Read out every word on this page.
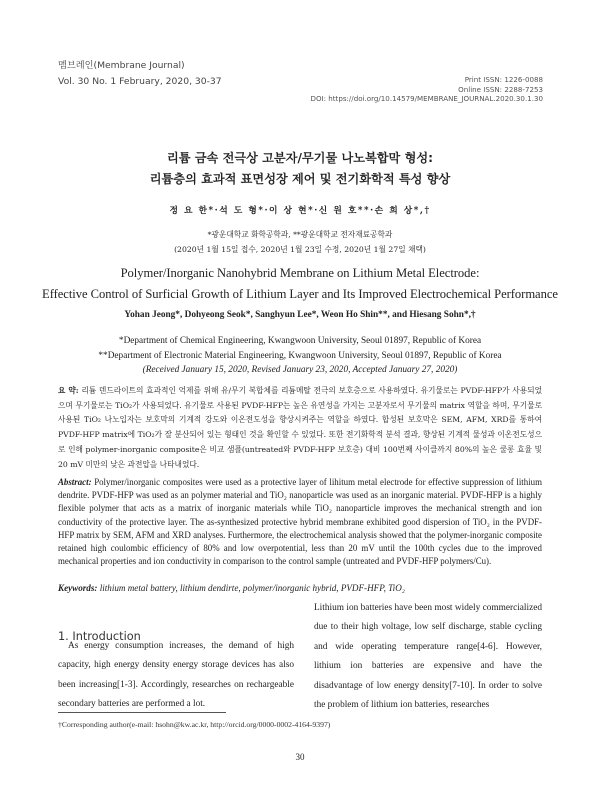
멤브레인(Membrane Journal)
Vol. 30 No. 1 February, 2020, 30-37	Print ISSN: 1226-0088
Online ISSN: 2288-7253
DOI: https://doi.org/10.14579/MEMBRANE_JOURNAL.2020.30.1.30
리튬 금속 전극상 고분자/무기물 나노복합막 형성:
리튬층의 효과적 표면성장 제어 및 전기화학적 특성 향상
정 요 한*·석 도 형*·이 상 현*·신 원 호**·손 희 상*,†
*광운대학교 화학공학과, **광운대학교 전자재료공학과
(2020년 1월 15일 접수, 2020년 1월 23일 수정, 2020년 1월 27일 채택)
Polymer/Inorganic Nanohybrid Membrane on Lithium Metal Electrode:
Effective Control of Surficial Growth of Lithium Layer and Its Improved Electrochemical Performance
Yohan Jeong*, Dohyeong Seok*, Sanghyun Lee*, Weon Ho Shin**, and Hiesang Sohn*,†
*Department of Chemical Engineering, Kwangwoon University, Seoul 01897, Republic of Korea
**Department of Electronic Material Engineering, Kwangwoon University, Seoul 01897, Republic of Korea
(Received January 15, 2020, Revised January 23, 2020, Accepted January 27, 2020)
요 약: 리튬 덴드라이트의 효과적인 억제를 위해 유/무기 복합체를 리튬메탈 전극의 보호층으로 사용하였다. 유기물로는 PVDF-HFP가 사용되었으며 무기물로는 TiO₂가 사용되었다. 유기물로 사용된 PVDF-HFP는 높은 유연성을 가지는 고분자로서 무기물의 matrix 역할을 하며, 무기물로 사용된 TiO₂ 나노입자는 보호막의 기계적 강도와 이온전도성을 향상시켜주는 역할을 하였다. 합성된 보호막은 SEM, AFM, XRD를 통하여 PVDF-HFP matrix에 TiO₂가 잘 분산되어 있는 형태인 것을 확인할 수 있었다. 또한 전기화학적 분석 결과, 향상된 기계적 물성과 이온전도성으로 인해 polymer-inorganic composite은 비교 샘플(untreated와 PVDF-HFP 보호층) 대비 100번째 사이클까지 80%의 높은 쿨롱 효율 및 20 mV 미만의 낮은 과전압을 나타내었다.
Abstract: Polymer/inorganic composites were used as a protective layer of lihitum metal electrode for effective suppression of lithium dendrite. PVDF-HFP was used as an polymer material and TiO₂ nanoparticle was used as an inorganic material. PVDF-HFP is a highly flexible polymer that acts as a matrix of inorganic materials while TiO₂ nanoparticle improves the mechanical strength and ion conductivity of the protective layer. The as-synthesized protective hybrid membrane exhibited good dispersion of TiO₂ in the PVDF-HFP matrix by SEM, AFM and XRD analyses. Furthermore, the electrochemical analysis showed that the polymer-inorganic composite retained high coulombic efficiency of 80% and low overpotential, less than 20 mV until the 100th cycles due to the improved mechanical properties and ion conductivity in comparison to the control sample (untreated and PVDF-HFP polymers/Cu).
Keywords: lithium metal battery, lithium dendirte, polymer/inorganic hybrid, PVDF-HFP, TiO₂
1. Introduction

As energy consumption increases, the demand of high capacity, high energy density energy storage devices has also been increasing[1-3]. Accordingly, researches on rechargeable secondary batteries are performed a lot.

Lithium ion batteries have been most widely commercialized due to their high voltage, low self discharge, stable cycling and wide operating temperature range[4-6]. However, lithium ion batteries are expensive and have the disadvantage of low energy density[7-10]. In order to solve the problem of lithium ion batteries, researches

†Corresponding author(e-mail: hsohn@kw.ac.kr, http://orcid.org/0000-0002-4164-9397)
30
